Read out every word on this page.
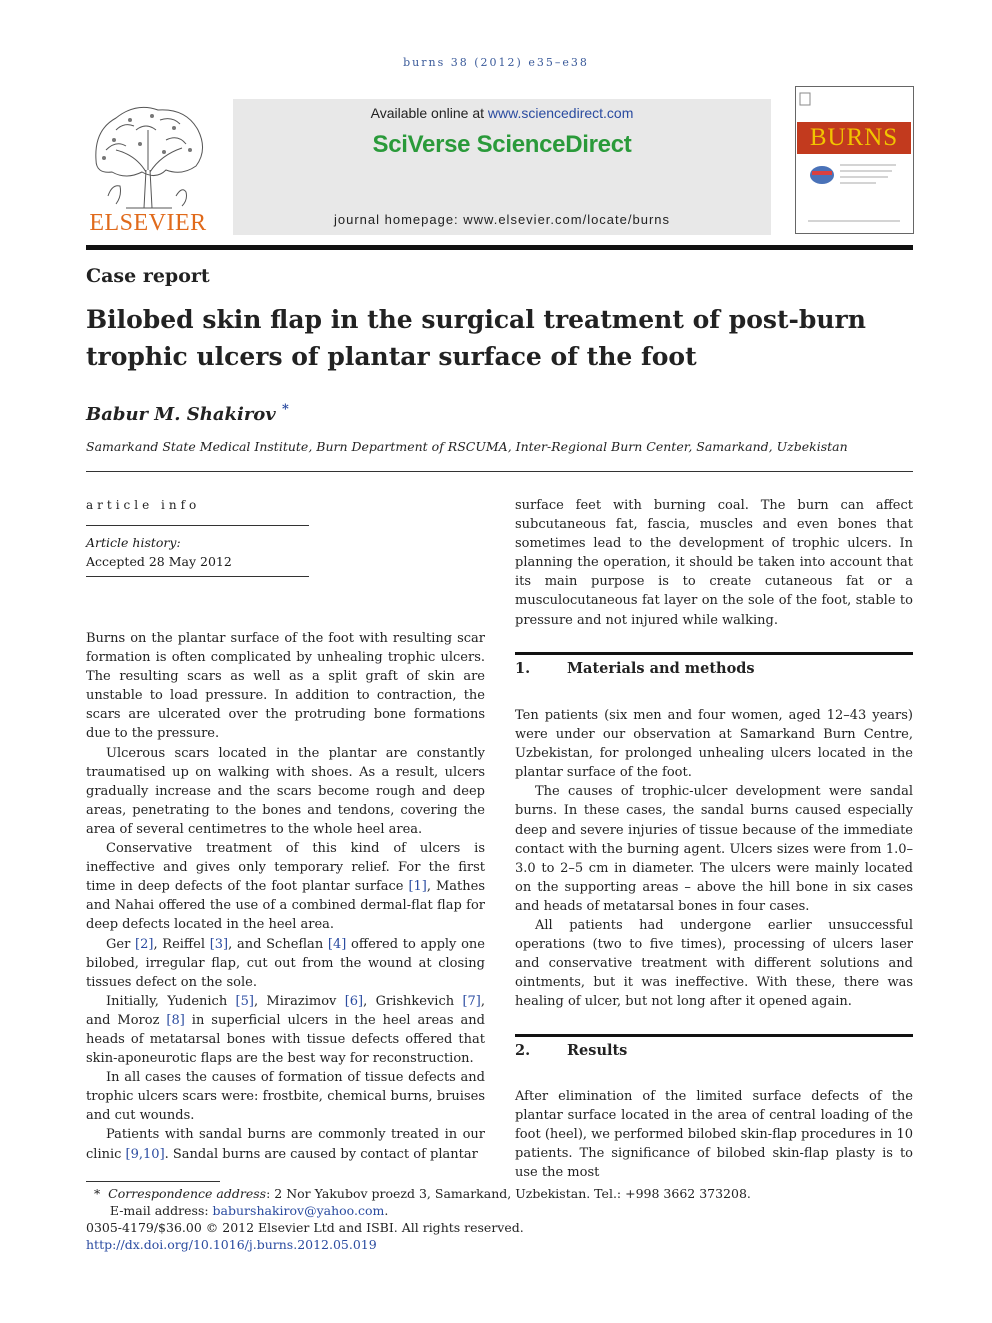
burns 38 (2012) e35–e38
ELSEVIER
Available online at www.sciencedirect.com
SciVerse ScienceDirect
journal homepage: www.elsevier.com/locate/burns
BURNS
Case report
Bilobed skin flap in the surgical treatment of post-burn trophic ulcers of plantar surface of the foot
Babur M. Shakirov *
Samarkand State Medical Institute, Burn Department of RSCUMA, Inter-Regional Burn Center, Samarkand, Uzbekistan
article info
Article history:
Accepted 28 May 2012

Burns on the plantar surface of the foot with resulting scar formation is often complicated by unhealing trophic ulcers. The resulting scars as well as a split graft of skin are unstable to load pressure. In addition to contraction, the scars are ulcerated over the protruding bone formations due to the pressure.

Ulcerous scars located in the plantar are constantly traumatised up on walking with shoes. As a result, ulcers gradually increase and the scars become rough and deep areas, penetrating to the bones and tendons, covering the area of several centimetres to the whole heel area.

Conservative treatment of this kind of ulcers is ineffective and gives only temporary relief. For the first time in deep defects of the foot plantar surface [1], Mathes and Nahai offered the use of a combined dermal-flat flap for deep defects located in the heel area.

Ger [2], Reiffel [3], and Scheflan [4] offered to apply one bilobed, irregular flap, cut out from the wound at closing tissues defect on the sole.

Initially, Yudenich [5], Mirazimov [6], Grishkevich [7], and Moroz [8] in superficial ulcers in the heel areas and heads of metatarsal bones with tissue defects offered that skin-aponeurotic flaps are the best way for reconstruction.

In all cases the causes of formation of tissue defects and trophic ulcers scars were: frostbite, chemical burns, bruises and cut wounds.

Patients with sandal burns are commonly treated in our clinic [9,10]. Sandal burns are caused by contact of plantar

surface feet with burning coal. The burn can affect subcutaneous fat, fascia, muscles and even bones that sometimes lead to the development of trophic ulcers. In planning the operation, it should be taken into account that its main purpose is to create cutaneous fat or a musculocutaneous fat layer on the sole of the foot, stable to pressure and not injured while walking.

1.	Materials and methods

Ten patients (six men and four women, aged 12–43 years) were under our observation at Samarkand Burn Centre, Uzbekistan, for prolonged unhealing ulcers located in the plantar surface of the foot.

The causes of trophic-ulcer development were sandal burns. In these cases, the sandal burns caused especially deep and severe injuries of tissue because of the immediate contact with the burning agent. Ulcers sizes were from 1.0–3.0 to 2–5 cm in diameter. The ulcers were mainly located on the supporting areas – above the hill bone in six cases and heads of metatarsal bones in four cases.

All patients had undergone earlier unsuccessful operations (two to five times), processing of ulcers laser and conservative treatment with different solutions and ointments, but it was ineffective. With these, there was healing of ulcer, but not long after it opened again.

2.	Results

After elimination of the limited surface defects of the plantar surface located in the area of central loading of the foot (heel), we performed bilobed skin-flap procedures in 10 patients. The significance of bilobed skin-flap plasty is to use the most

* Correspondence address: 2 Nor Yakubov proezd 3, Samarkand, Uzbekistan. Tel.: +998 3662 373208.
E-mail address: baburshakirov@yahoo.com.
0305-4179/$36.00 © 2012 Elsevier Ltd and ISBI. All rights reserved.
http://dx.doi.org/10.1016/j.burns.2012.05.019
